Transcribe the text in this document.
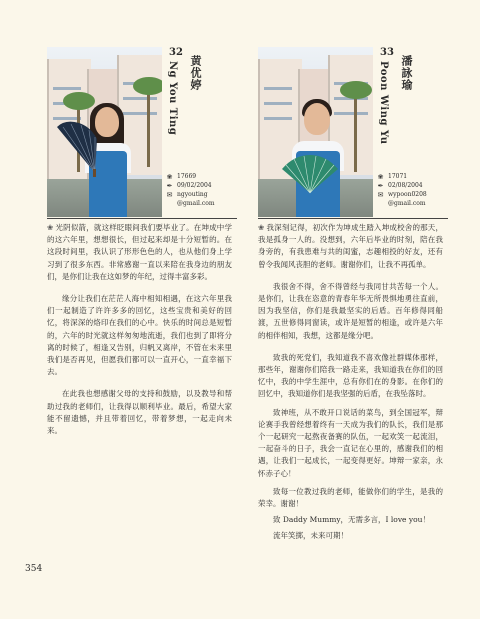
32
Ng You Ting 黄优婷
❀ 17669
✒ 09/02/2004
✉ ngyouting
@gmail.com
33
Poon Wing Yu 潘詠瑜
❀ 17071
✒ 02/08/2004
✉ wypoon0208
@gmail.com

❀ 光阴似箭，就这样眨眼间我们要毕业了。在坤成中学的这六年里，想想很长，但过起来却是十分短暂的。在这段时间里，我认识了形形色色的人，也从他们身上学习到了很多东西。非常感谢一直以来陪在我身边的朋友们，是你们让我在这如梦的年纪，过得丰富多彩。

缘分让我们在茫茫人海中相知相遇，在这六年里我们一起制造了许许多多的回忆，这些宝贵和美好的回忆，将深深的烙印在我们的心中。快乐的时间总是短暂的，六年的时光就这样匆匆地流逝，我们也到了即将分离的时候了，相逢又告别，归帆又离岸，不管在未来里我们是否再见，但愿我们都可以一直开心，一直幸福下去。

在此我也想感谢父母的支持和鼓励，以及教导和帮助过我的老师们，让我得以顺利毕业。最后，希望大家能不留遗憾，并且带着回忆，带着梦想，一起走向未来。

❀ 我深刻记得，初次作为坤成生踏入坤成校舍的那天，我是孤身一人的。没想到，六年后毕业的时刻，陪在我身旁的，有我患难与共的闺蜜，志趣相投的好友，还有曾令我闻风丧胆的老师。谢谢你们，让我不再孤单。

我很舍不得，舍不得曾经与我同甘共苦每一个人。是你们，让我在恣意的青春年华无所畏惧地勇往直前，因为我坚信，你们是我最坚实的后盾。百年修得同船渡，五世修得同窗读，或许是短暂的相逢，或许是六年的相伴相知，我想，这都是缘分吧。

致我的死党们，我知道我不喜欢像社群媒体那样，那些年，谢谢你们陪我一路走来，我知道我在你们的回忆中，我的中学生涯中，总有你们在的身影。在你们的回忆中，我知道你们是我坚强的后盾，在我坠落时。

致神班，从不敢开口说话的菜鸟，到全国冠军，辩论赛手我曾经想着终有一天成为我们的队长，我们是那个一起研究一起熬夜备赛的队伍，一起欢笑一起流泪，一起奋斗的日子，我会一直记在心里的，感谢我们的相遇，让我们一起成长，一起变得更好。坤辩一家亲，永怀赤子心！

致每一位教过我的老师，能做你们的学生，是我的荣幸。谢谢！

致 Daddy Mummy，无需多言，I love you！

流年笑掷，未来可期！

354
